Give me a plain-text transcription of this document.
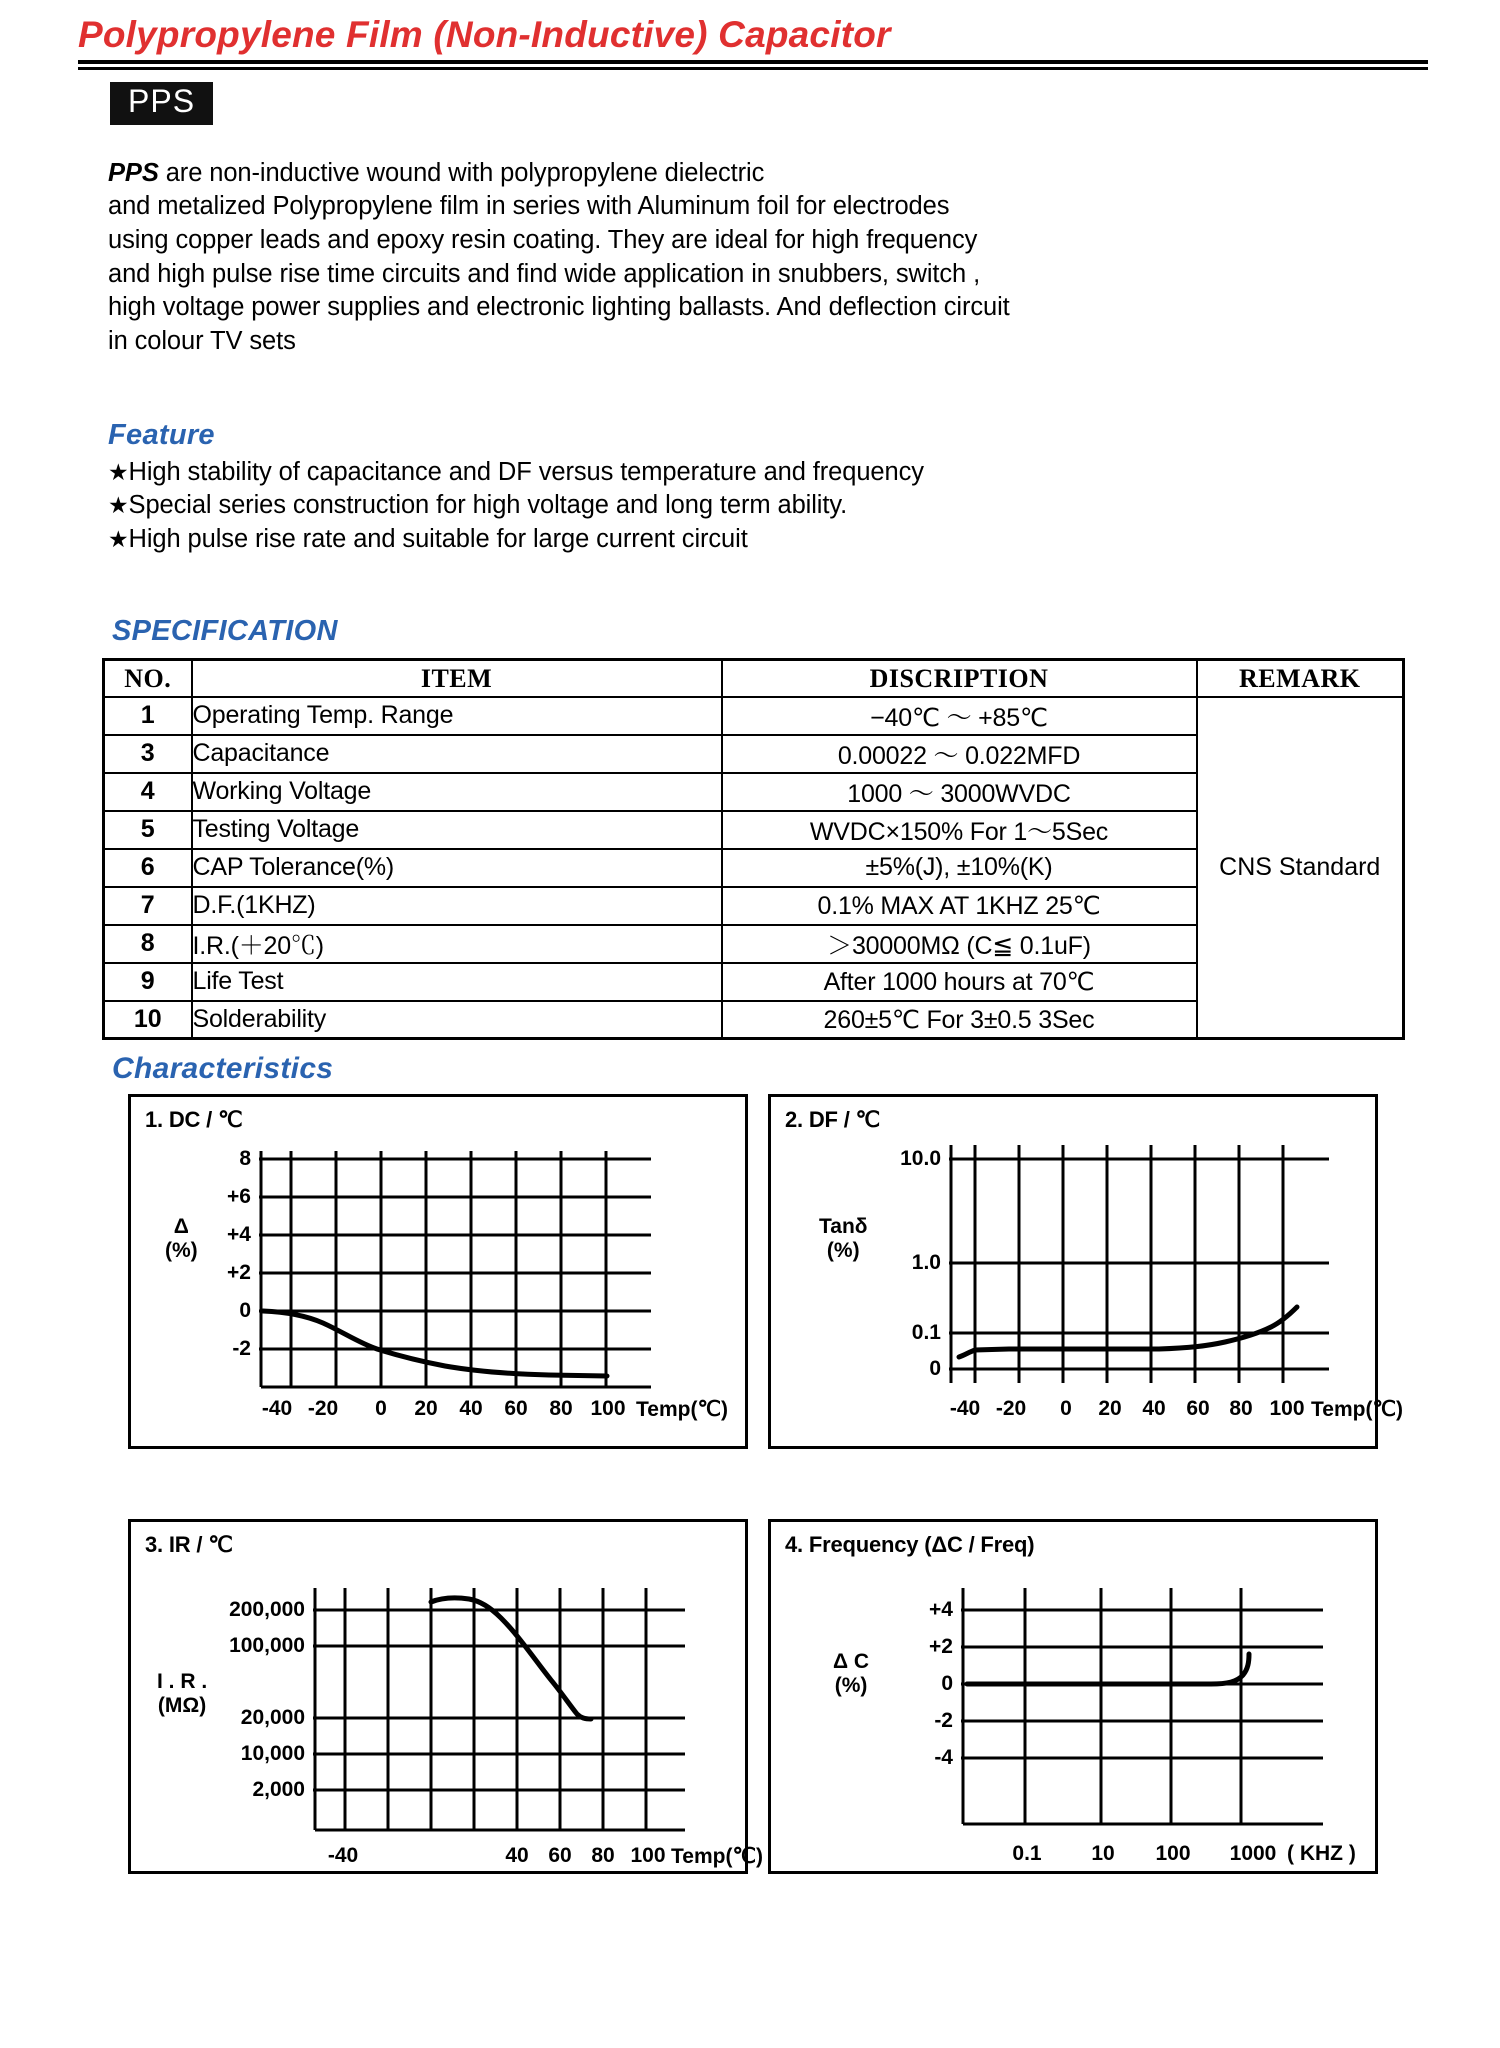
Polypropylene Film (Non-Inductive) Capacitor
PPS
PPS are non-inductive wound with polypropylene dielectric
and metalized Polypropylene film in series with Aluminum foil for electrodes
using copper leads and epoxy resin coating. They are ideal for high frequency
and high pulse rise time circuits and find wide application in snubbers, switch ,
high voltage power supplies and electronic lighting ballasts. And deflection circuit
in colour TV sets
Feature
★High stability of capacitance and DF versus temperature and frequency
★Special series construction for high voltage and long term ability.
★High pulse rise rate and suitable for large current circuit
SPECIFICATION
NO.	ITEM	DISCRIPTION	REMARK
1	Operating Temp. Range	−40℃ ～ +85℃	CNS Standard
3	Capacitance	0.00022 ～ 0.022MFD	
4	Working Voltage	1000 ～ 3000WVDC	
5	Testing Voltage	WVDC×150% For 1～5Sec	
6	CAP Tolerance(%)	±5%(J), ±10%(K)	
7	D.F.(1KHZ)	0.1% MAX AT 1KHZ 25℃	
8	I.R.(＋20℃)	＞30000MΩ (C≦ 0.1uF)	
9	Life Test	After 1000 hours at 70℃	
10	Solderability	260±5℃ For 3±0.5 3Sec	
Characteristics
1. DC / ℃
Δ
(%)
8
+6
+4
+2
0
-2
-40 -20 0 20 40 60 80 100 Temp(℃)
2. DF / ℃
Tanδ
(%)
10.0
1.0
0.1
0
-40 -20 0 20 40 60 80 100 Temp(℃)
3. IR / ℃
I . R .
(MΩ)
200,000
100,000
20,000
10,000
2,000
-40	40 60 80 100 Temp(℃)
4. Frequency (ΔC / Freq)
Δ C
(%)
+4
+2
0
-2
-4
0.1 10 100 1000 ( KHZ )
